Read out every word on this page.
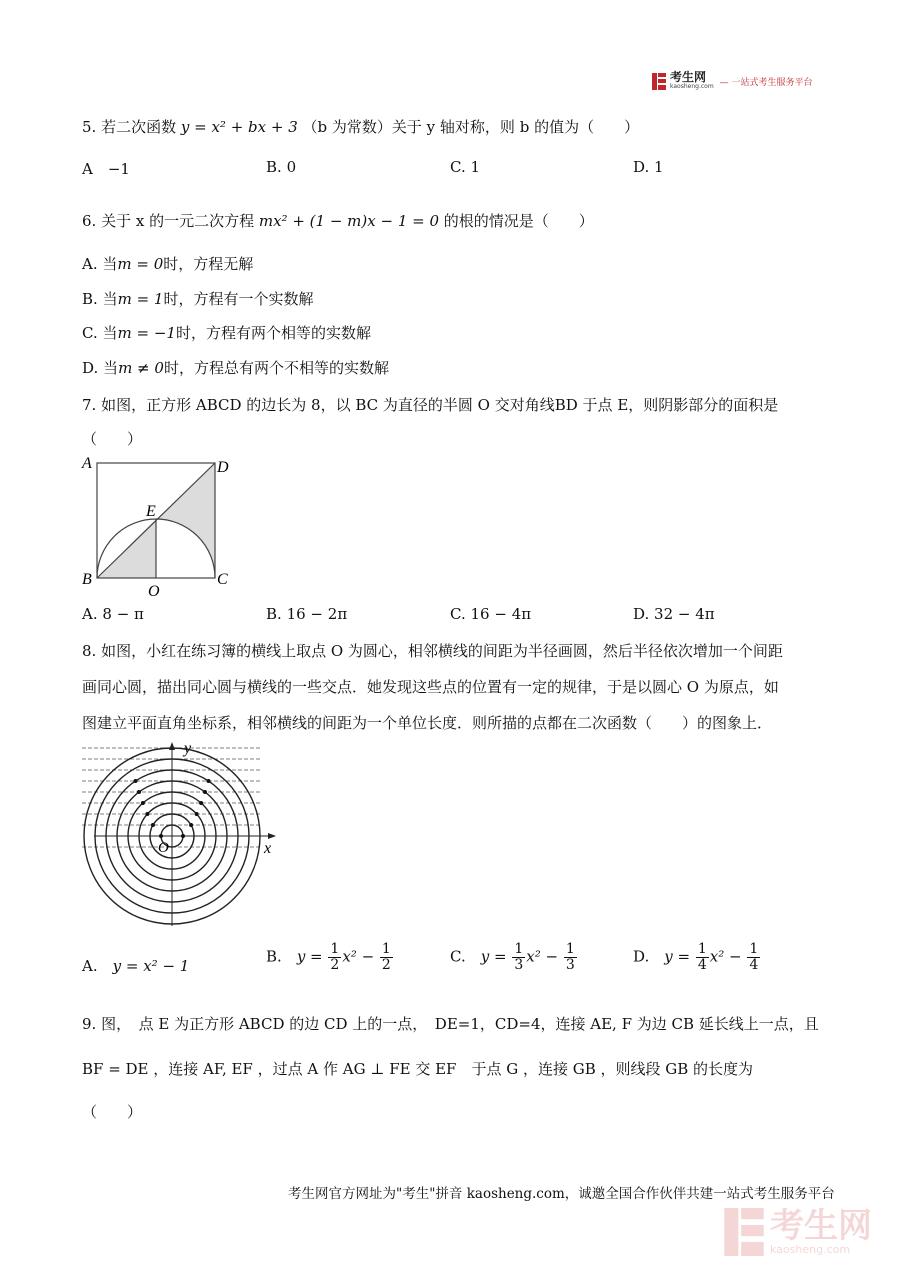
考生网
kaosheng.com — 一站式考生服务平台
5. 若二次函数 y = x² + bx + 3 （b 为常数）关于 y 轴对称，则 b 的值为（　　）
A　 −1	B. 0	C. 1	D. 1
6. 关于 x 的一元二次方程 mx² + (1 − m)x − 1 = 0 的根的情况是（　　）
A. 当m = 0时，方程无解
B. 当m = 1时，方程有一个实数解
C. 当m = −1时，方程有两个相等的实数解
D. 当m ≠ 0时，方程总有两个不相等的实数解
7. 如图，正方形 ABCD 的边长为 8，以 BC 为直径的半圆 O 交对角线BD 于点 E，则阴影部分的面积是
（　　）
A	D
E
B	C
O
A. 8 − π	B. 16 − 2π	C. 16 − 4π	D. 32 − 4π
8. 如图，小红在练习簿的横线上取点 O 为圆心，相邻横线的间距为半径画圆，然后半径依次增加一个间距
画同心圆，描出同心圆与横线的一些交点．她发现这些点的位置有一定的规律，于是以圆心 O 为原点，如
图建立平面直角坐标系，相邻横线的间距为一个单位长度．则所描的点都在二次函数（　　）的图象上．
y
x
O
A.　 y = x² − 1
B.　 $y = \frac{1}{2} x^2 - \frac{1}{2}$	C.　 $y = \frac{1}{3} x^2 - \frac{1}{3}$	D.　 $y = \frac{1}{4} x^2 - \frac{1}{4}$
9. 图，　点 E 为正方形 ABCD 的边 CD 上的一点，　DE=1，CD=4，连接 AE, F 为边 CB 延长线上一点，且
BF = DE ，连接 AF, EF ，过点 A 作 AG ⊥ FE 交 EF　于点 G ，连接 GB ，则线段 GB 的长度为
（　　）
考生网官方网址为"考生"拼音 kaosheng.com，诚邀全国合作伙伴共建一站式考生服务平台
考生网
kaosheng.com
